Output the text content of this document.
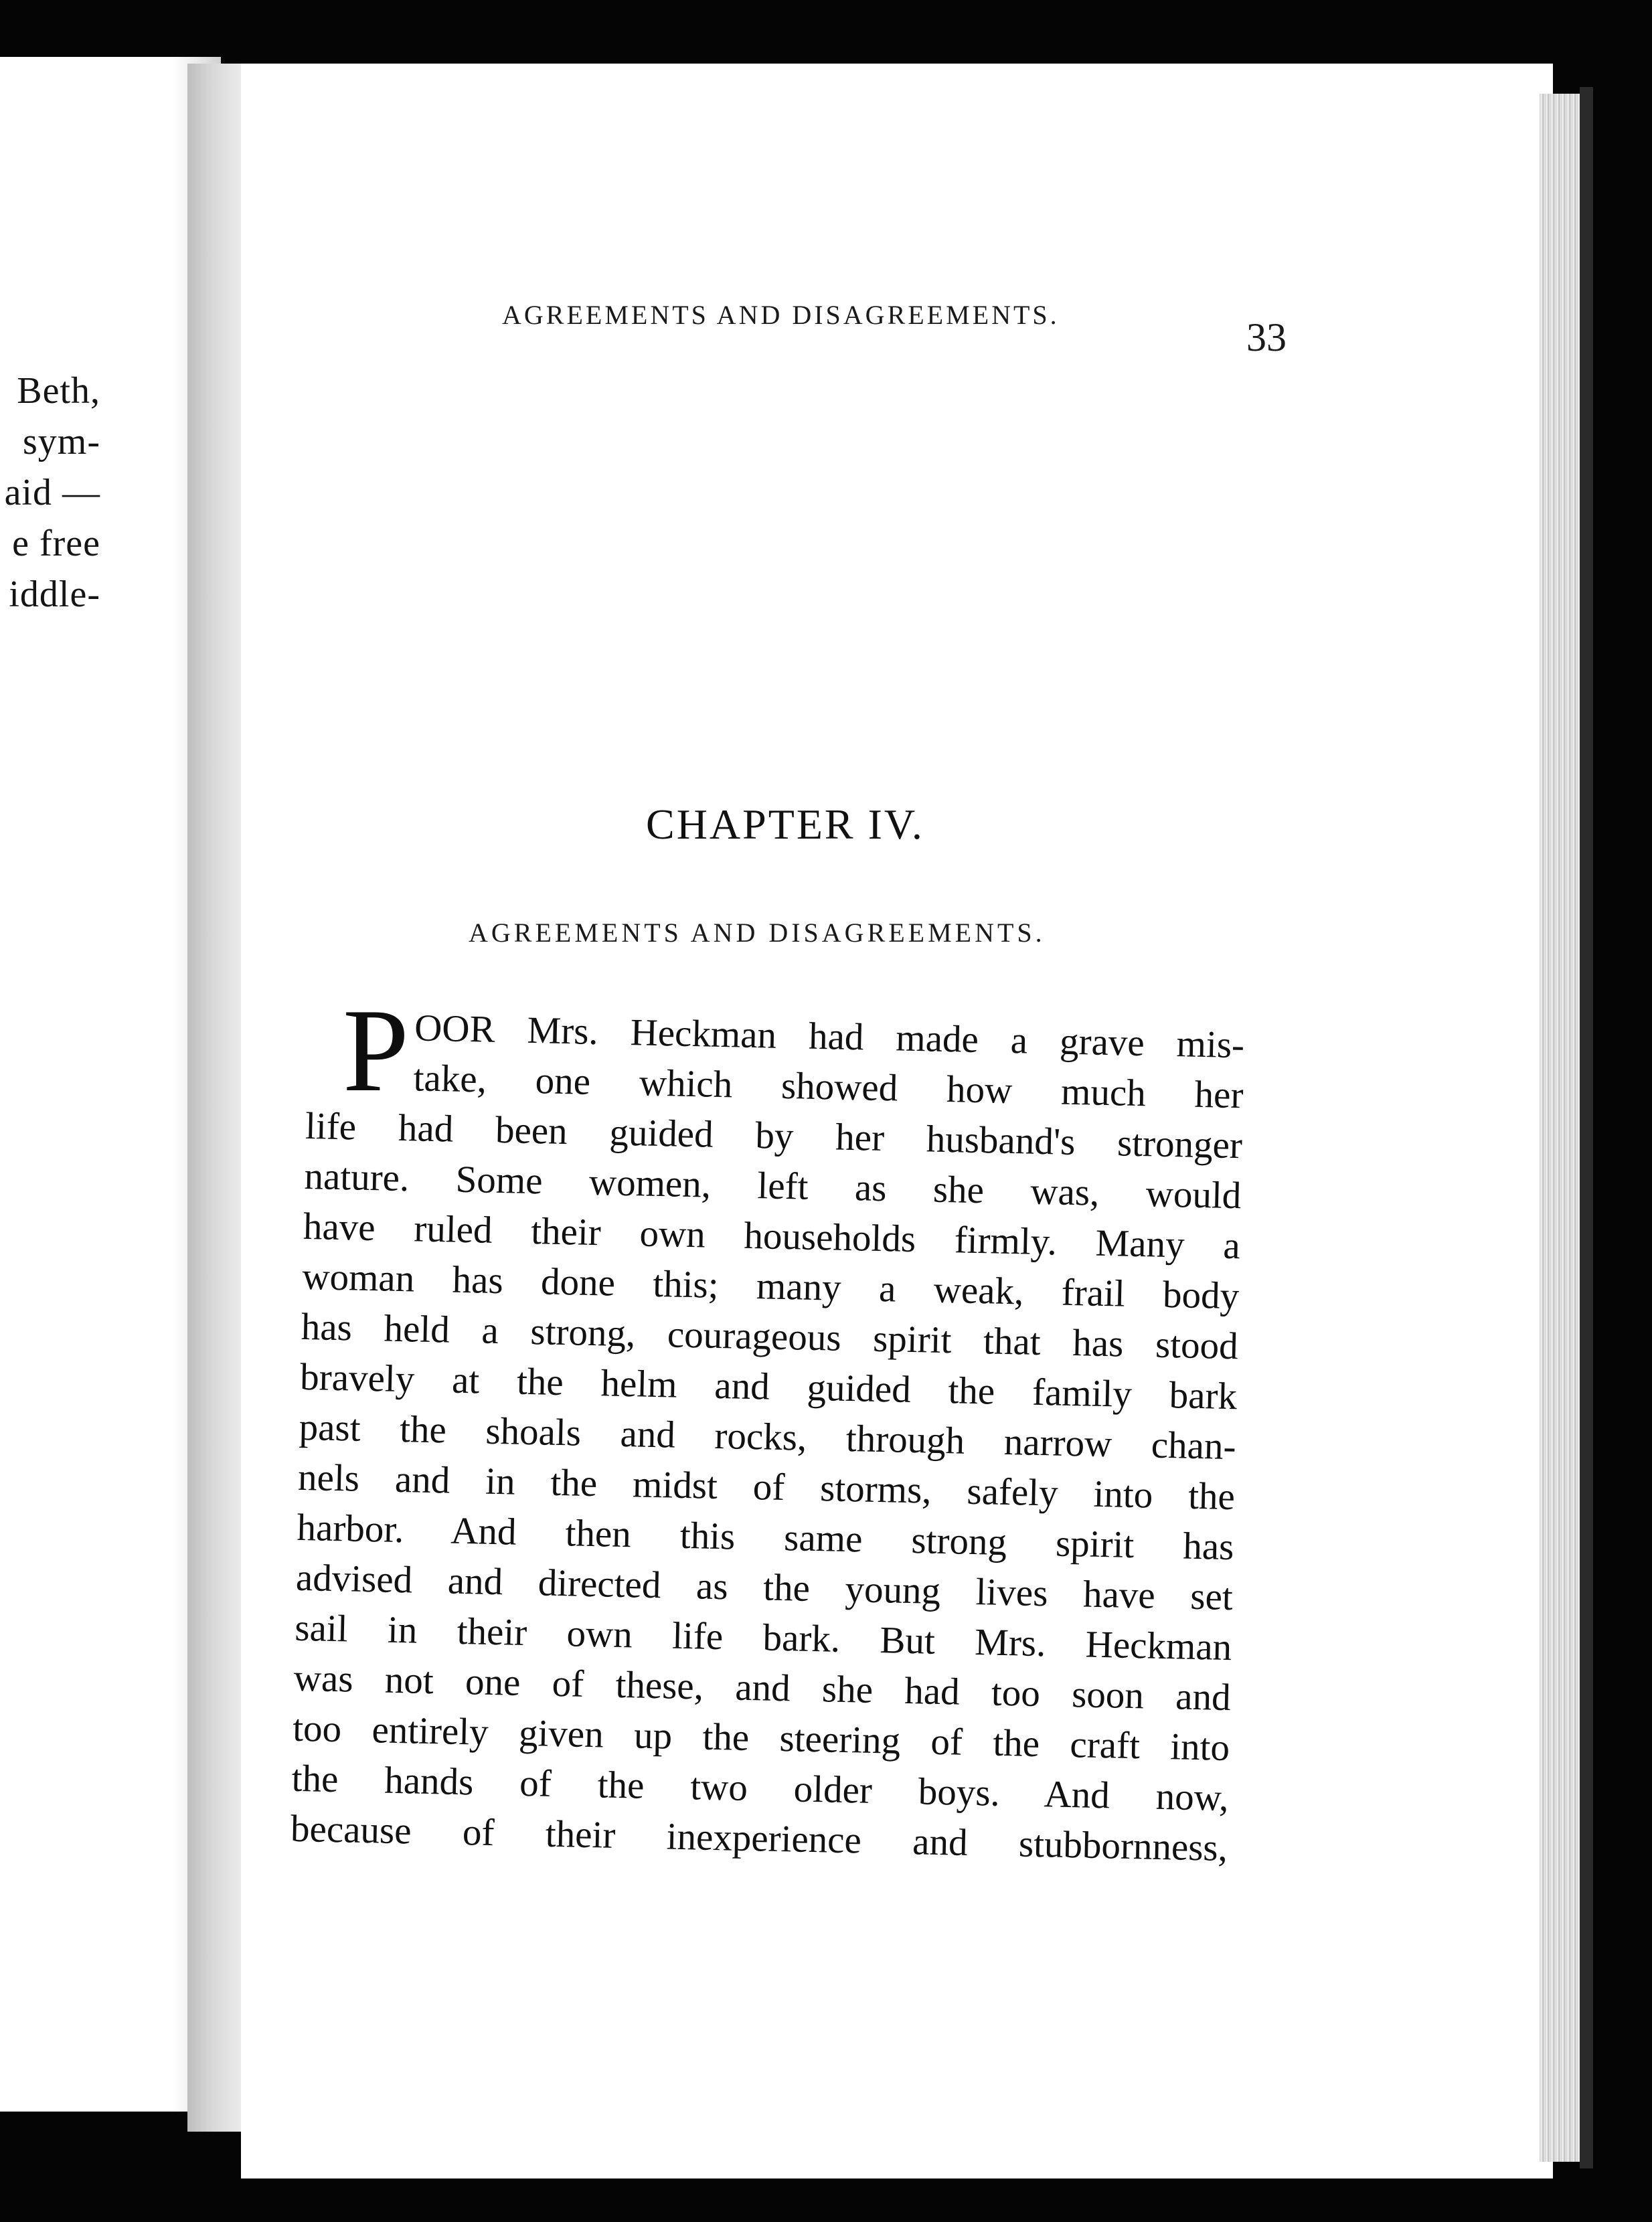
Beth,
sym-
aid —
e free
iddle-
AGREEMENTS AND DISAGREEMENTS.
33
CHAPTER IV.
AGREEMENTS AND DISAGREEMENTS.
P OOR Mrs. Heckman had made a grave mis-
take, one which showed how much her
life had been guided by her husband's stronger
nature. Some women, left as she was, would
have ruled their own households firmly. Many a
woman has done this; many a weak, frail body
has held a strong, courageous spirit that has stood
bravely at the helm and guided the family bark
past the shoals and rocks, through narrow chan-
nels and in the midst of storms, safely into the
harbor. And then this same strong spirit has
advised and directed as the young lives have set
sail in their own life bark. But Mrs. Heckman
was not one of these, and she had too soon and
too entirely given up the steering of the craft into
the hands of the two older boys. And now,
because of their inexperience and stubbornness,
